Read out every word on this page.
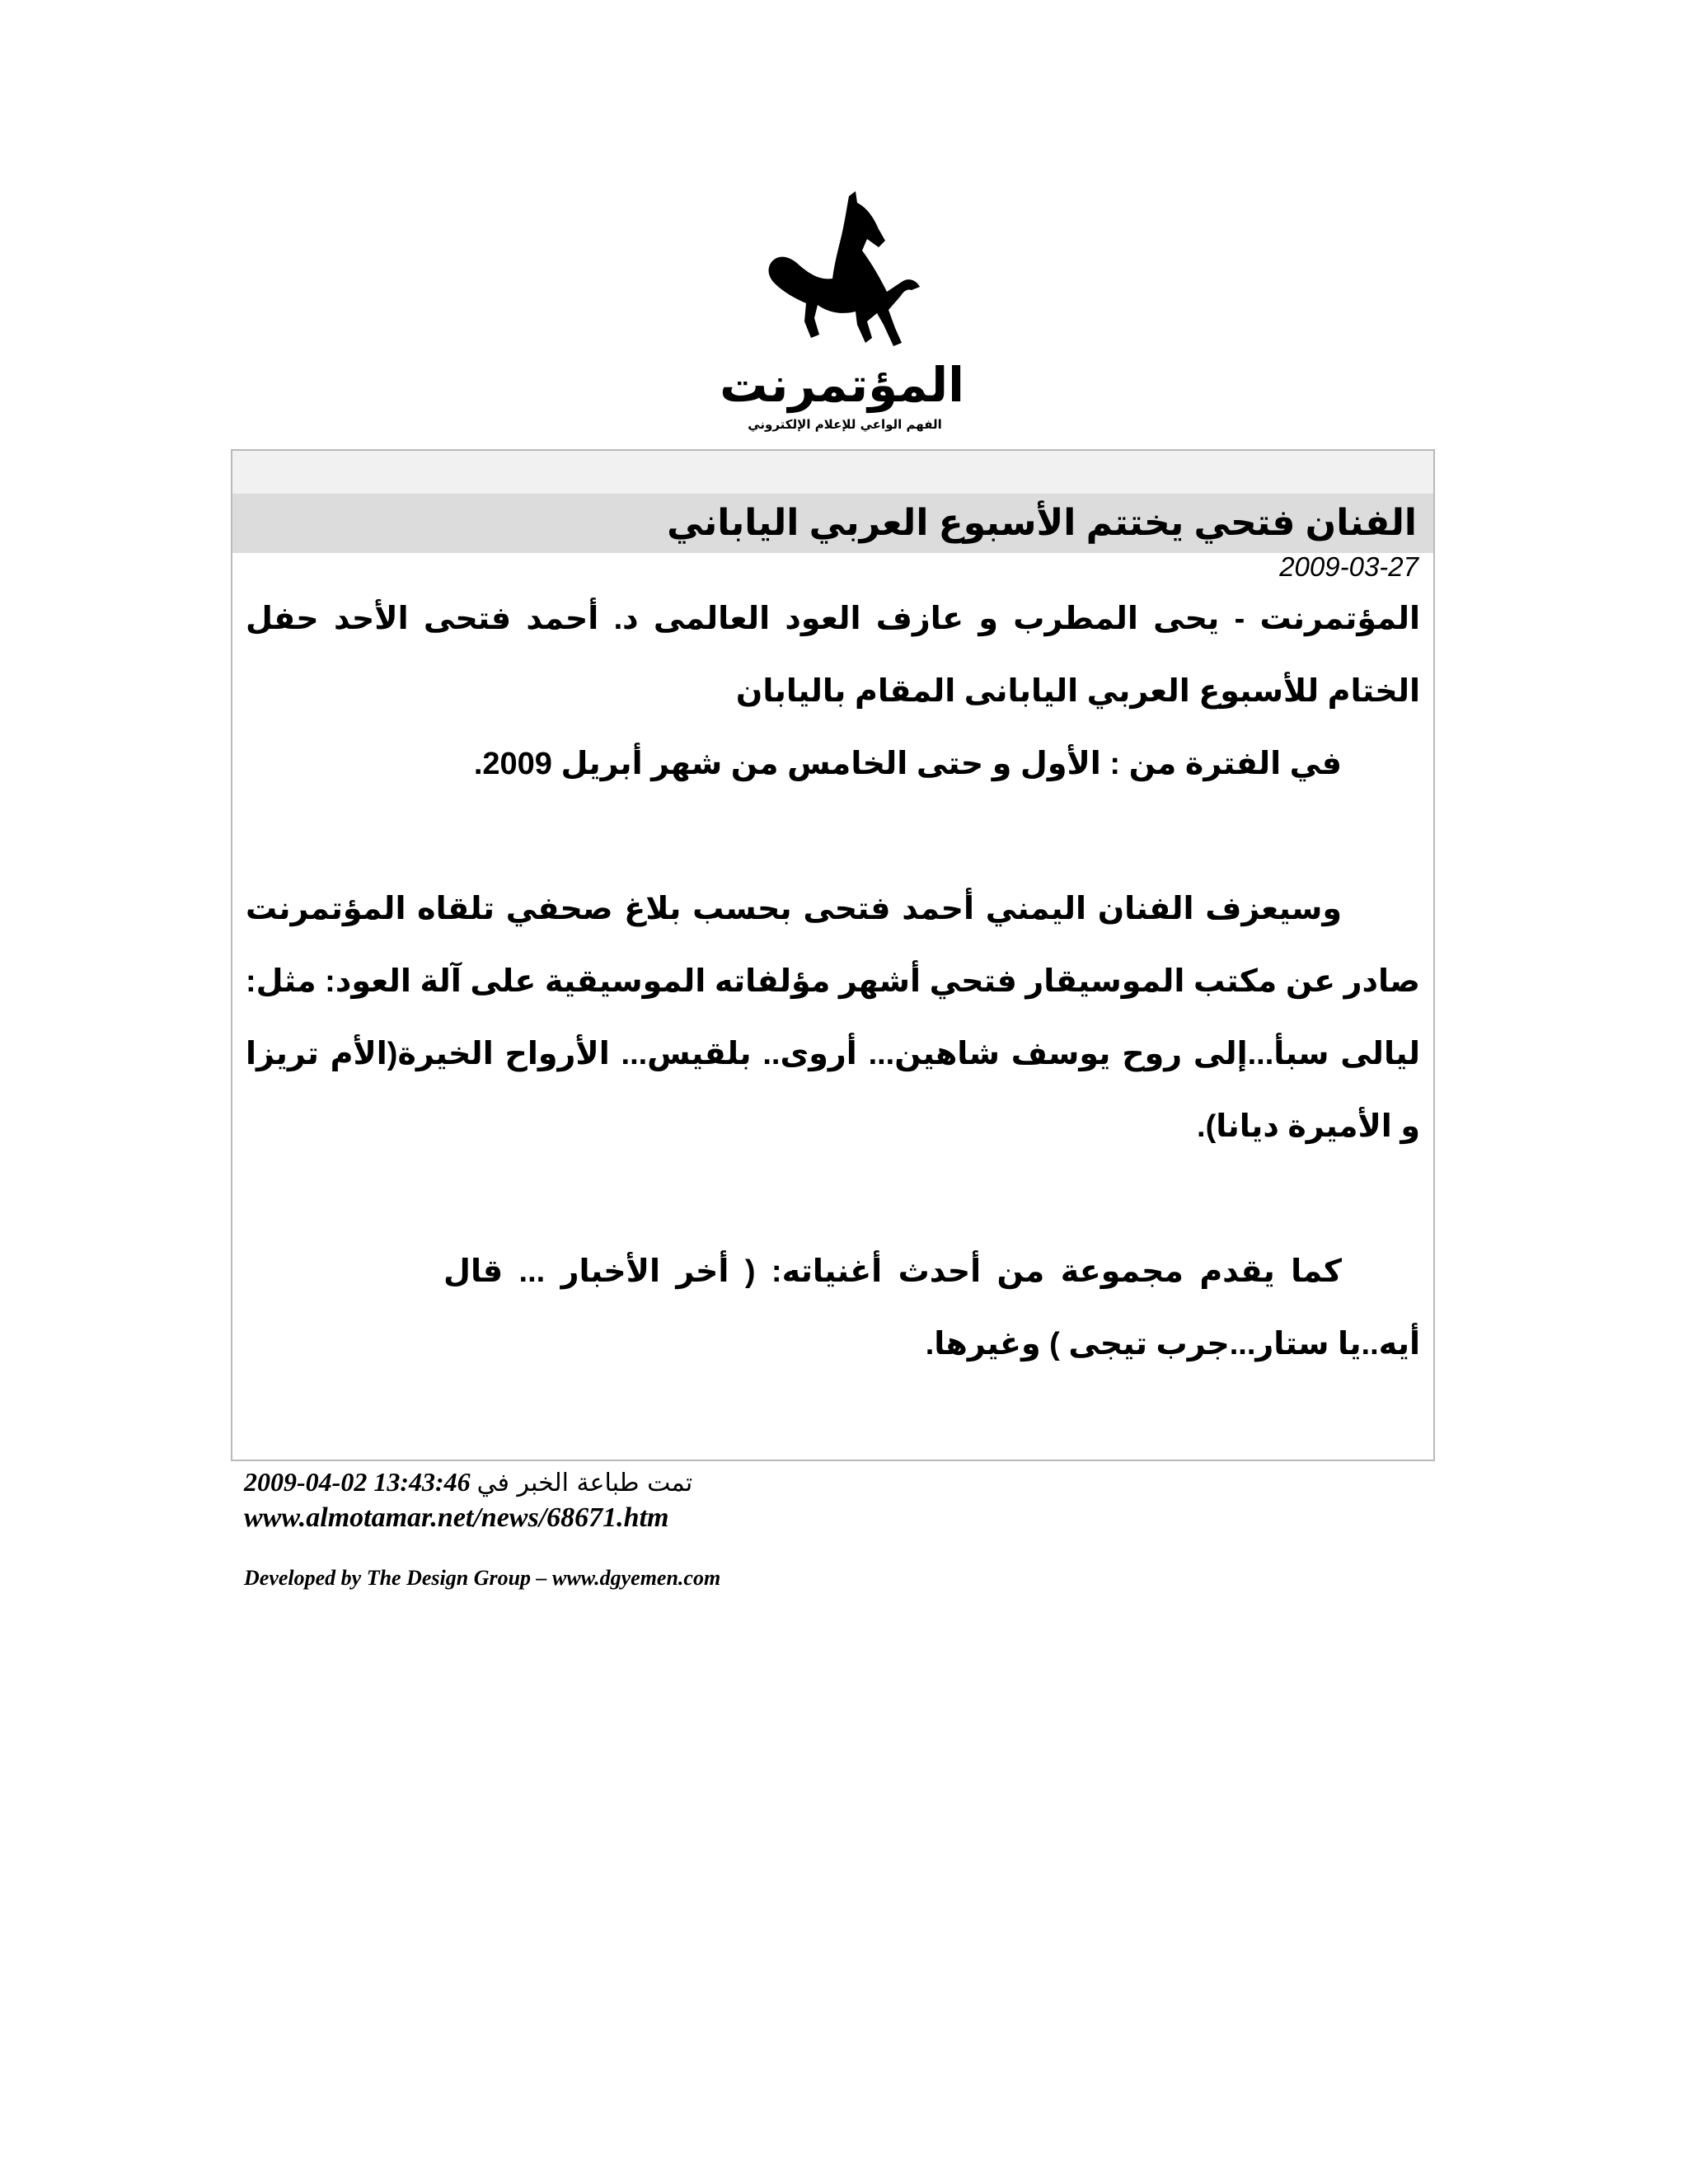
المؤتمرنت
الفهم الواعي للإعلام الإلكتروني
الفنان فتحي يختتم الأسبوع العربي الياباني
2009-03-27

المؤتمرنت - يحى المطرب و عازف العود العالمى د. أحمد فتحى الأحد حفل الختام للأسبوع العربي اليابانى المقام باليابان

في الفترة من : الأول و حتى الخامس من شهر أبريل 2009.

وسيعزف الفنان اليمني أحمد فتحى بحسب بلاغ صحفي تلقاه المؤتمرنت صادر عن مكتب الموسيقار فتحي أشهر مؤلفاته الموسيقية على آلة العود: مثل: ليالى سبأ...إلى روح يوسف شاهين... أروى.. بلقيس... الأرواح الخيرة(الأم تريزا و الأميرة ديانا).

كما يقدم مجموعة من أحدث أغنياته: ( أخر الأخبار ... قال أيه..يا ستار...جرب تيجى ) وغيرها.

2009-04-02 13:43:46 تمت طباعة الخبر في
www.almotamar.net/news/68671.htm
Developed by The Design Group – www.dgyemen.com
